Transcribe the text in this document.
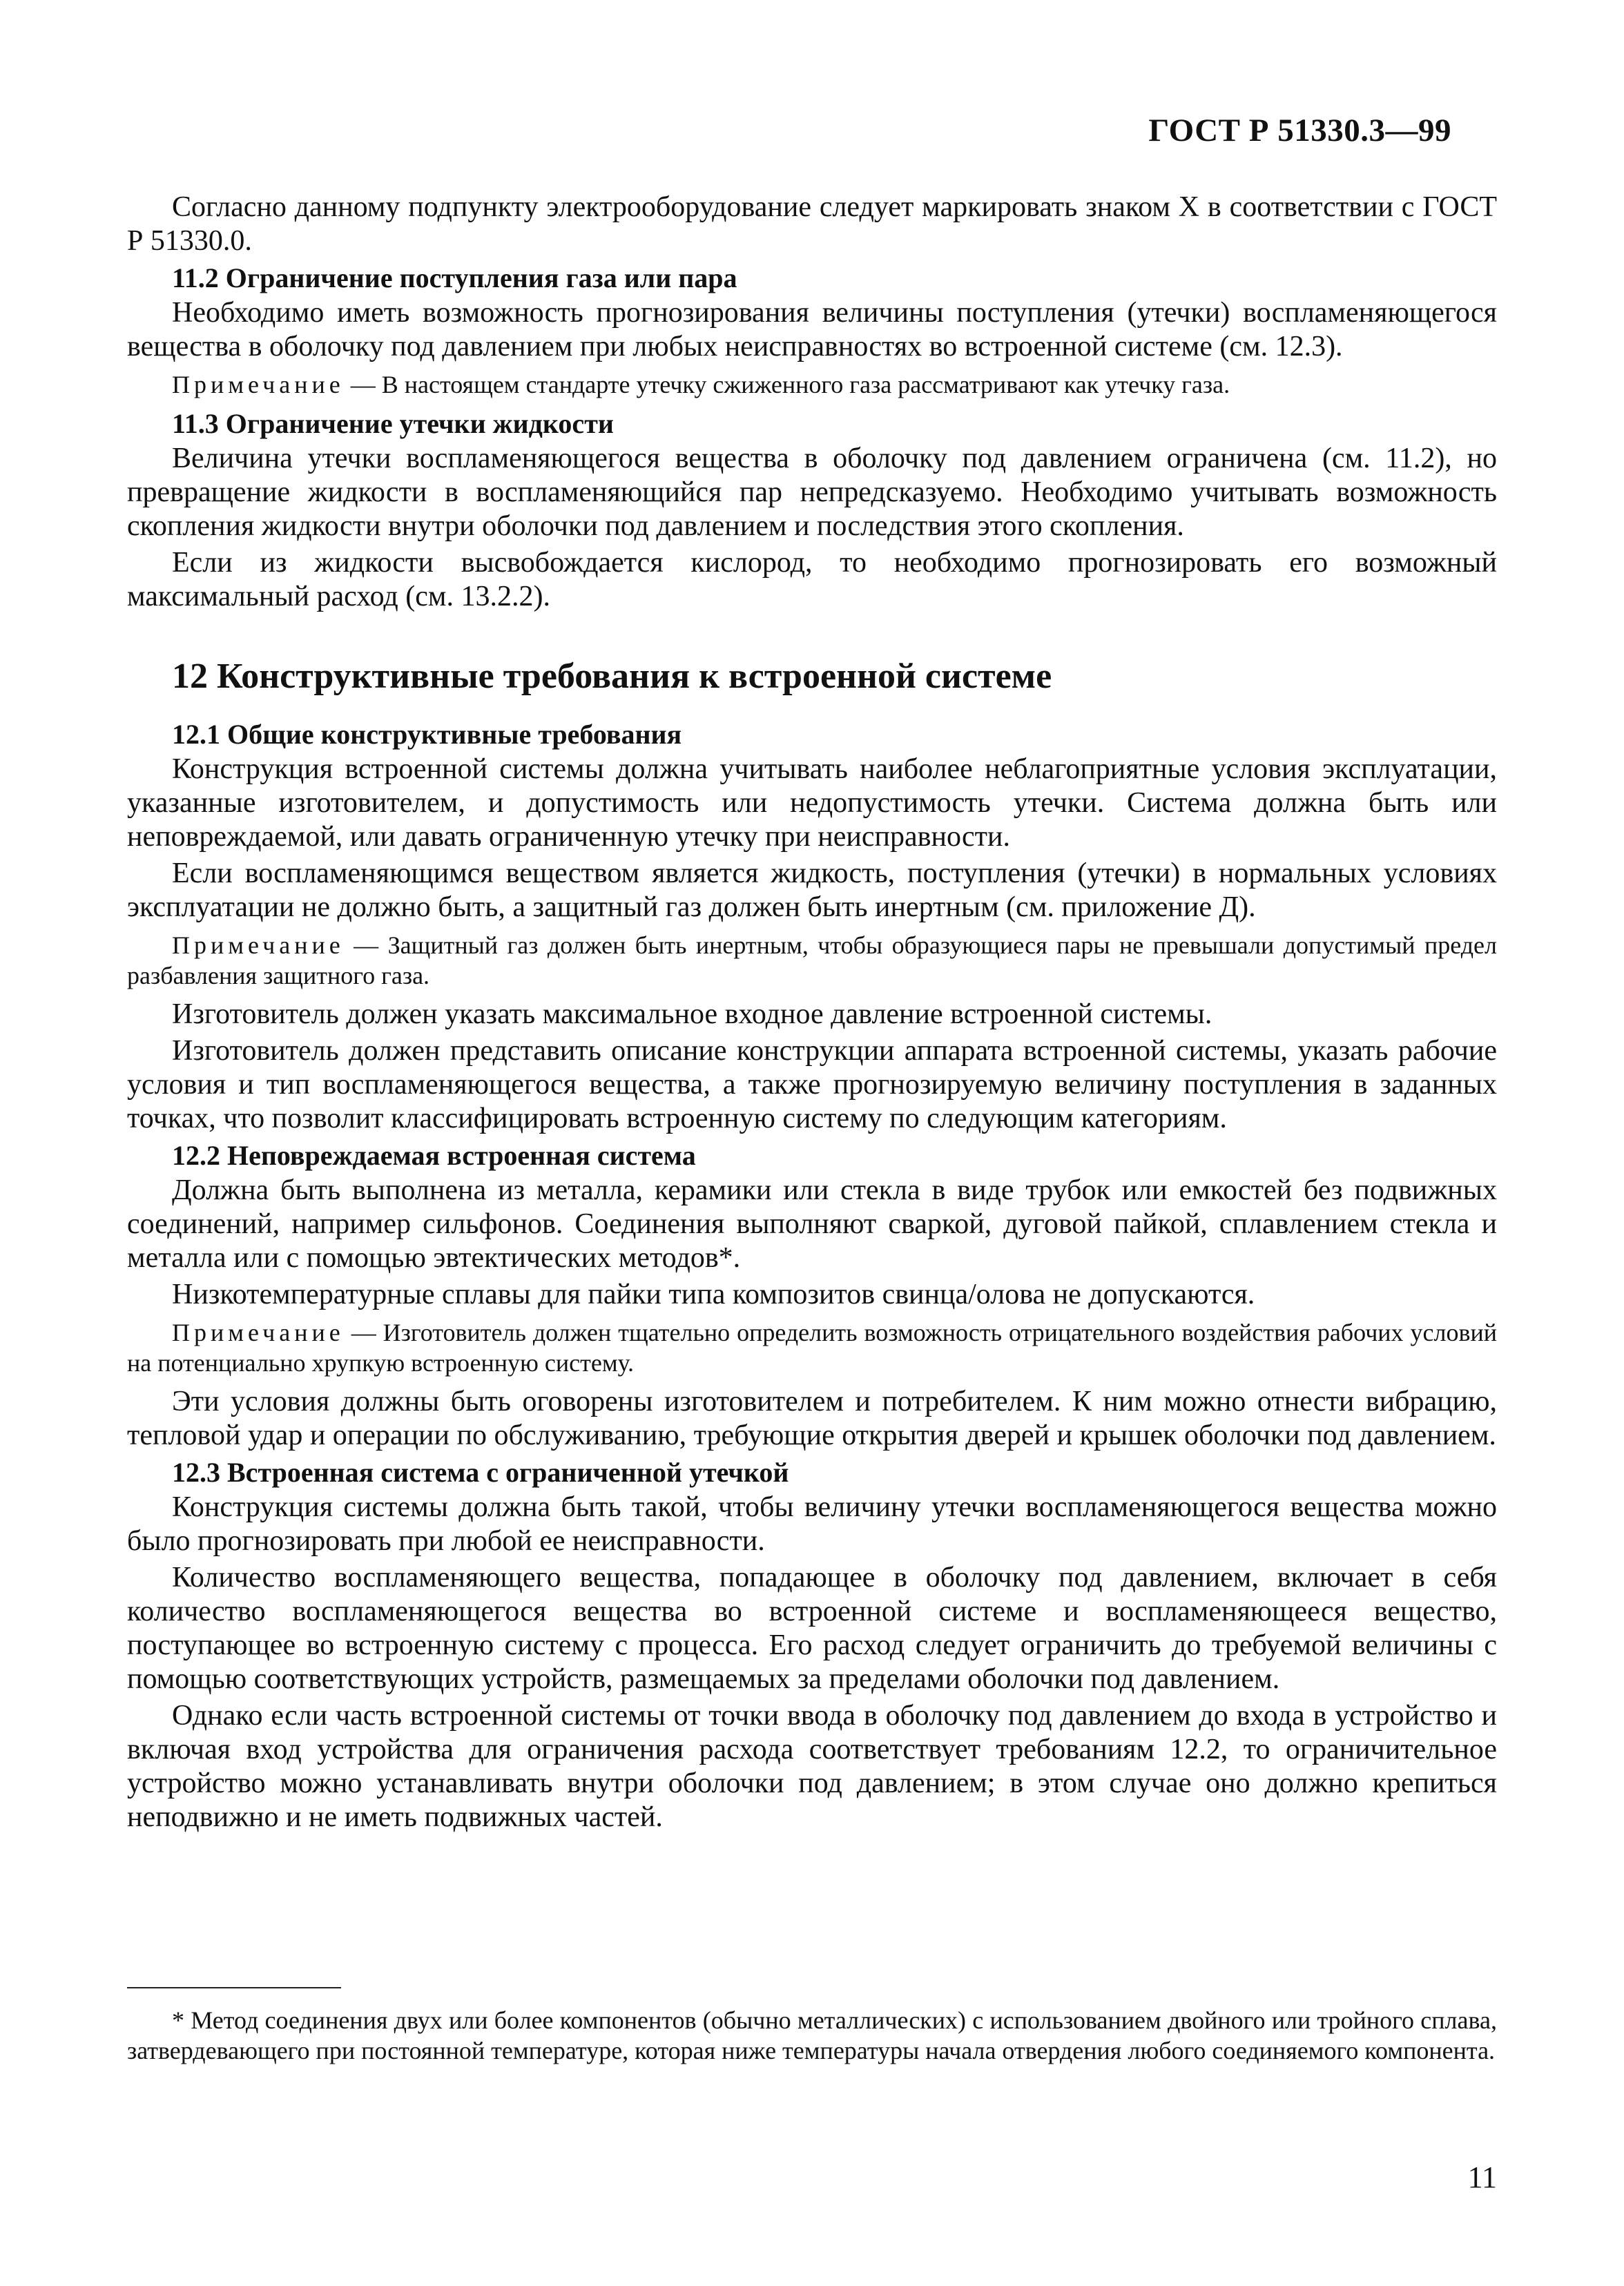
ГОСТ Р 51330.3—99

Согласно данному подпункту электрооборудование следует маркировать знаком X в соответствии с ГОСТ Р 51330.0.

11.2 Ограничение поступления газа или пара

Необходимо иметь возможность прогнозирования величины поступления (утечки) воспламеняющегося вещества в оболочку под давлением при любых неисправностях во встроенной системе (см. 12.3).

Примечание — В настоящем стандарте утечку сжиженного газа рассматривают как утечку газа.

11.3 Ограничение утечки жидкости

Величина утечки воспламеняющегося вещества в оболочку под давлением ограничена (см. 11.2), но превращение жидкости в воспламеняющийся пар непредсказуемо. Необходимо учитывать возможность скопления жидкости внутри оболочки под давлением и последствия этого скопления.

Если из жидкости высвобождается кислород, то необходимо прогнозировать его возможный максимальный расход (см. 13.2.2).

12 Конструктивные требования к встроенной системе

12.1 Общие конструктивные требования

Конструкция встроенной системы должна учитывать наиболее неблагоприятные условия эксплуатации, указанные изготовителем, и допустимость или недопустимость утечки. Система должна быть или неповреждаемой, или давать ограниченную утечку при неисправности.

Если воспламеняющимся веществом является жидкость, поступления (утечки) в нормальных условиях эксплуатации не должно быть, а защитный газ должен быть инертным (см. приложение Д).

Примечание — Защитный газ должен быть инертным, чтобы образующиеся пары не превышали допустимый предел разбавления защитного газа.

Изготовитель должен указать максимальное входное давление встроенной системы.

Изготовитель должен представить описание конструкции аппарата встроенной системы, указать рабочие условия и тип воспламеняющегося вещества, а также прогнозируемую величину поступления в заданных точках, что позволит классифицировать встроенную систему по следующим категориям.

12.2 Неповреждаемая встроенная система

Должна быть выполнена из металла, керамики или стекла в виде трубок или емкостей без подвижных соединений, например сильфонов. Соединения выполняют сваркой, дуговой пайкой, сплавлением стекла и металла или с помощью эвтектических методов*.

Низкотемпературные сплавы для пайки типа композитов свинца/олова не допускаются.

Примечание — Изготовитель должен тщательно определить возможность отрицательного воздействия рабочих условий на потенциально хрупкую встроенную систему.

Эти условия должны быть оговорены изготовителем и потребителем. К ним можно отнести вибрацию, тепловой удар и операции по обслуживанию, требующие открытия дверей и крышек оболочки под давлением.

12.3 Встроенная система с ограниченной утечкой

Конструкция системы должна быть такой, чтобы величину утечки воспламеняющегося вещества можно было прогнозировать при любой ее неисправности.

Количество воспламеняющего вещества, попадающее в оболочку под давлением, включает в себя количество воспламеняющегося вещества во встроенной системе и воспламеняющееся вещество, поступающее во встроенную систему с процесса. Его расход следует ограничить до требуемой величины с помощью соответствующих устройств, размещаемых за пределами оболочки под давлением.

Однако если часть встроенной системы от точки ввода в оболочку под давлением до входа в устройство и включая вход устройства для ограничения расхода соответствует требованиям 12.2, то ограничительное устройство можно устанавливать внутри оболочки под давлением; в этом случае оно должно крепиться неподвижно и не иметь подвижных частей.

* Метод соединения двух или более компонентов (обычно металлических) с использованием двойного или тройного сплава, затвердевающего при постоянной температуре, которая ниже температуры начала отвердения любого соединяемого компонента.

11
